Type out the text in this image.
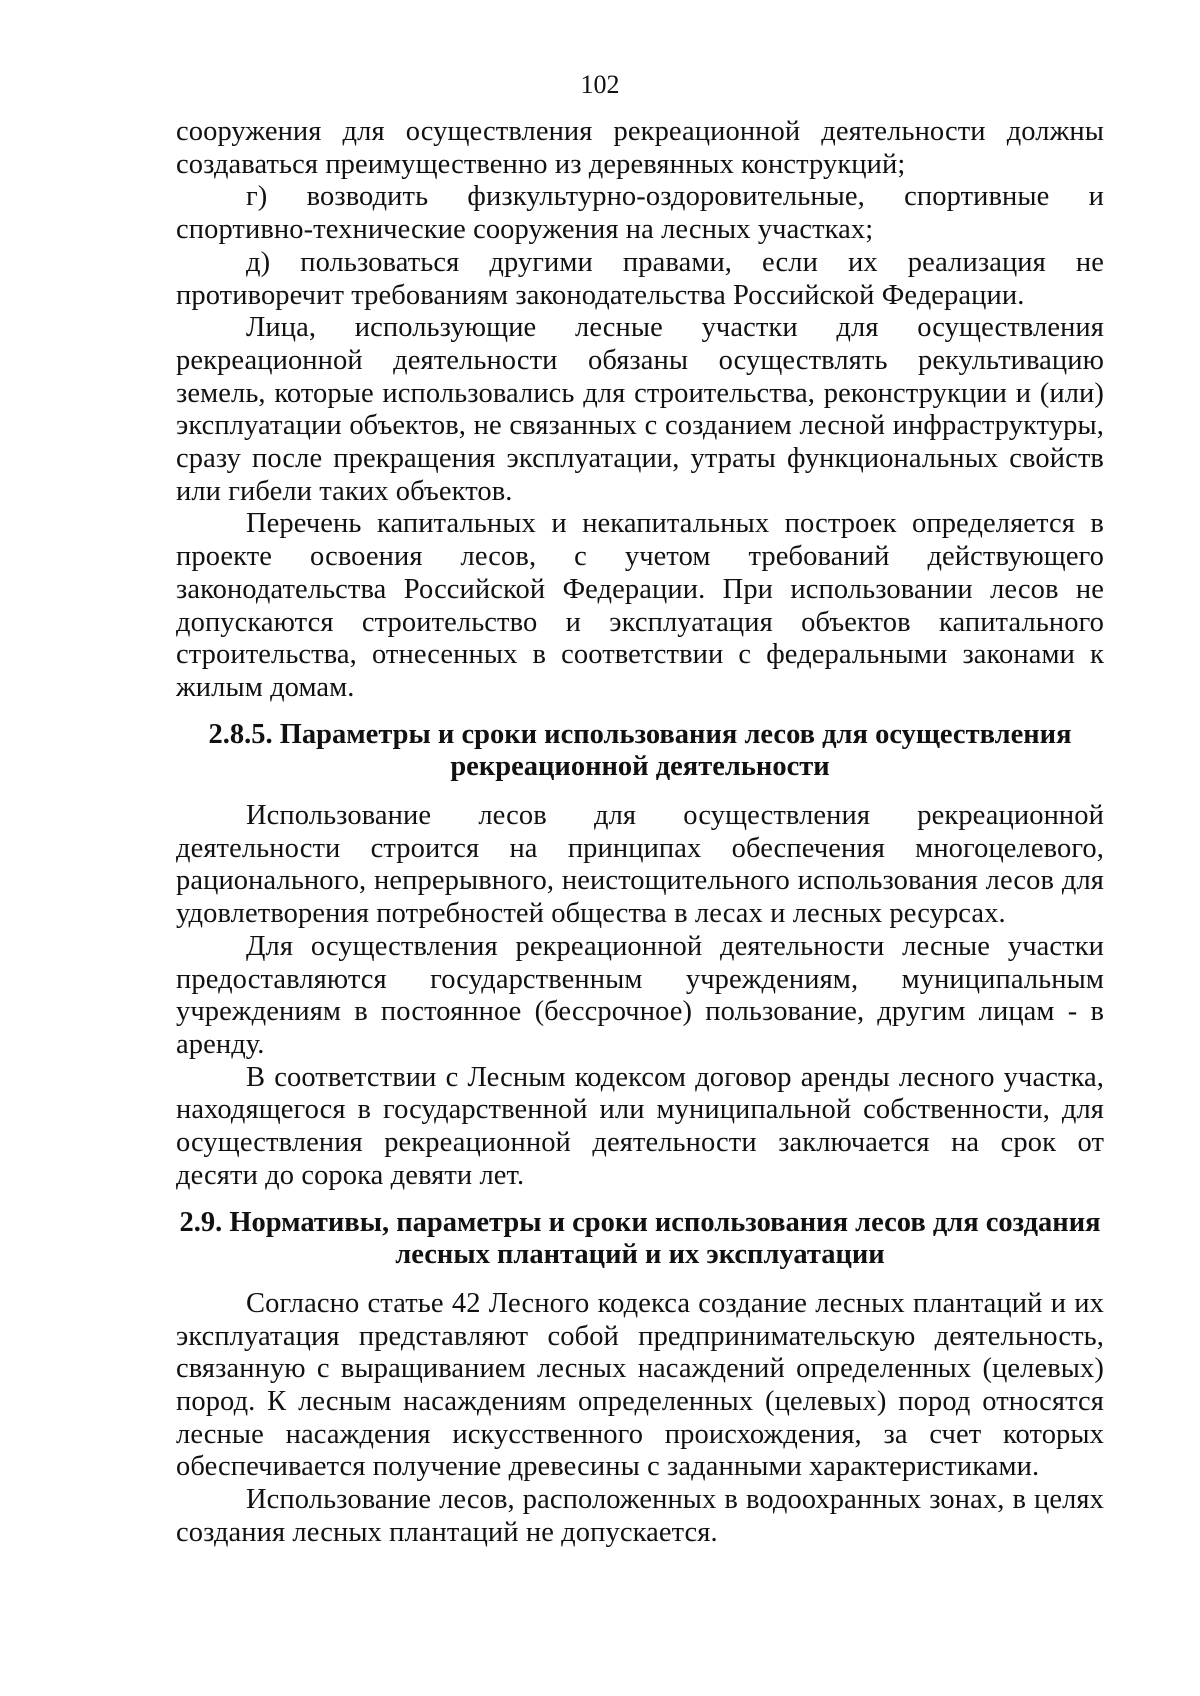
102

сооружения для осуществления рекреационной деятельности должны создаваться преимущественно из деревянных конструкций;

г) возводить физкультурно-оздоровительные, спортивные и спортивно-технические сооружения на лесных участках;

д) пользоваться другими правами, если их реализация не противоречит требованиям законодательства Российской Федерации.

Лица, использующие лесные участки для осуществления рекреационной деятельности обязаны осуществлять рекультивацию земель, которые использовались для строительства, реконструкции и (или) эксплуатации объектов, не связанных с созданием лесной инфраструктуры, сразу после прекращения эксплуатации, утраты функциональных свойств или гибели таких объектов.

Перечень капитальных и некапитальных построек определяется в проекте освоения лесов, с учетом требований действующего законодательства Российской Федерации. При использовании лесов не допускаются строительство и эксплуатация объектов капитального строительства, отнесенных в соответствии с федеральными законами к жилым домам.

2.8.5. Параметры и сроки использования лесов для осуществления
рекреационной деятельности

Использование лесов для осуществления рекреационной деятельности строится на принципах обеспечения многоцелевого, рационального, непрерывного, неистощительного использования лесов для удовлетворения потребностей общества в лесах и лесных ресурсах.

Для осуществления рекреационной деятельности лесные участки предоставляются государственным учреждениям, муниципальным учреждениям в постоянное (бессрочное) пользование, другим лицам - в аренду.

В соответствии с Лесным кодексом договор аренды лесного участка, находящегося в государственной или муниципальной собственности, для осуществления рекреационной деятельности заключается на срок от десяти до сорока девяти лет.

2.9. Нормативы, параметры и сроки использования лесов для создания
лесных плантаций и их эксплуатации

Согласно статье 42 Лесного кодекса создание лесных плантаций и их эксплуатация представляют собой предпринимательскую деятельность, связанную с выращиванием лесных насаждений определенных (целевых) пород. К лесным насаждениям определенных (целевых) пород относятся лесные насаждения искусственного происхождения, за счет которых обеспечивается получение древесины с заданными характеристиками.

Использование лесов, расположенных в водоохранных зонах, в целях создания лесных плантаций не допускается.
